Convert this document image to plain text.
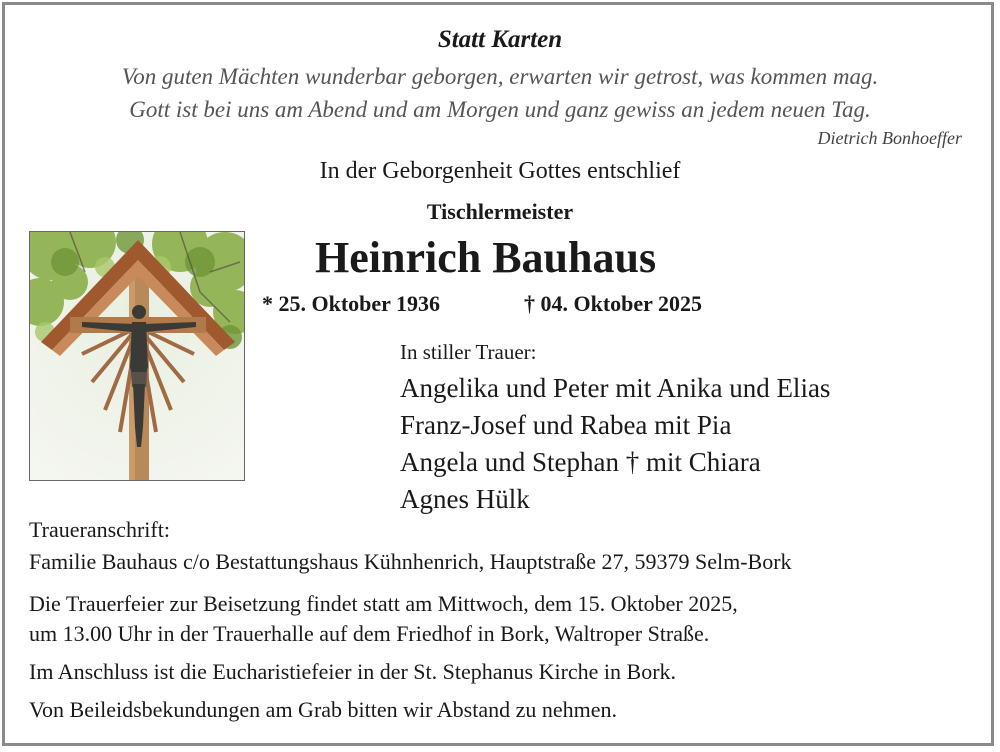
Statt Karten
Von guten Mächten wunderbar geborgen, erwarten wir getrost, was kommen mag.
Gott ist bei uns am Abend und am Morgen und ganz gewiss an jedem neuen Tag.
Dietrich Bonhoeffer
In der Geborgenheit Gottes entschlief
Tischlermeister
Heinrich Bauhaus
* 25. Oktober 1936	† 04. Oktober 2025
In stiller Trauer:
Angelika und Peter mit Anika und Elias
Franz-Josef und Rabea mit Pia
Angela und Stephan † mit Chiara
Agnes Hülk
Traueranschrift:
Familie Bauhaus c/o Bestattungshaus Kühnhenrich, Hauptstraße 27, 59379 Selm-Bork
Die Trauerfeier zur Beisetzung findet statt am Mittwoch, dem 15. Oktober 2025,
um 13.00 Uhr in der Trauerhalle auf dem Friedhof in Bork, Waltroper Straße.
Im Anschluss ist die Eucharistiefeier in der St. Stephanus Kirche in Bork.
Von Beileidsbekundungen am Grab bitten wir Abstand zu nehmen.
